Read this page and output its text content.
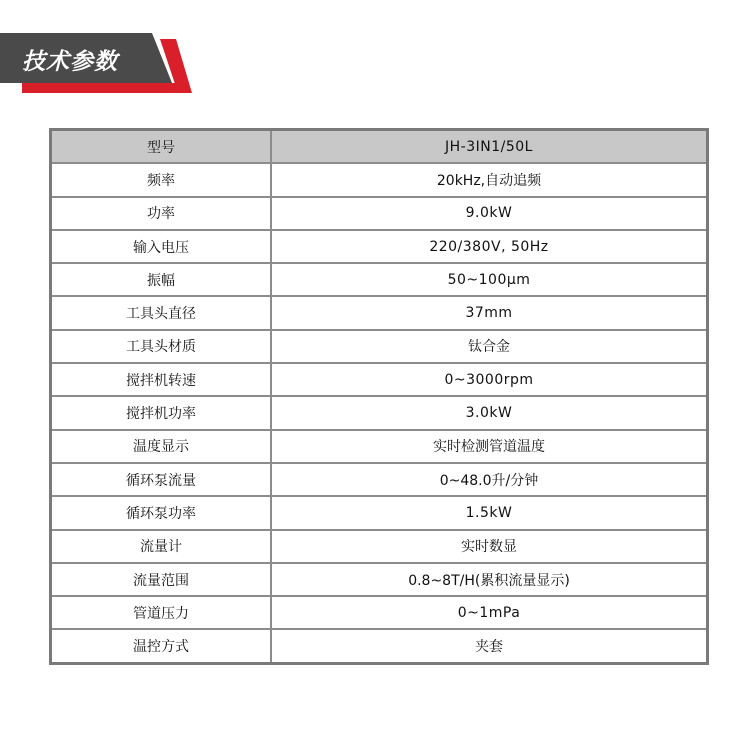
技术参数
型号	JH-3IN1/50L
频率	20kHz,自动追频
功率	9.0kW
输入电压	220/380V, 50Hz
振幅	50~100μm
工具头直径	37mm
工具头材质	钛合金
搅拌机转速	0~3000rpm
搅拌机功率	3.0kW
温度显示	实时检测管道温度
循环泵流量	0~48.0升/分钟
循环泵功率	1.5kW
流量计	实时数显
流量范围	0.8~8T/H(累积流量显示)
管道压力	0~1mPa
温控方式	夹套
